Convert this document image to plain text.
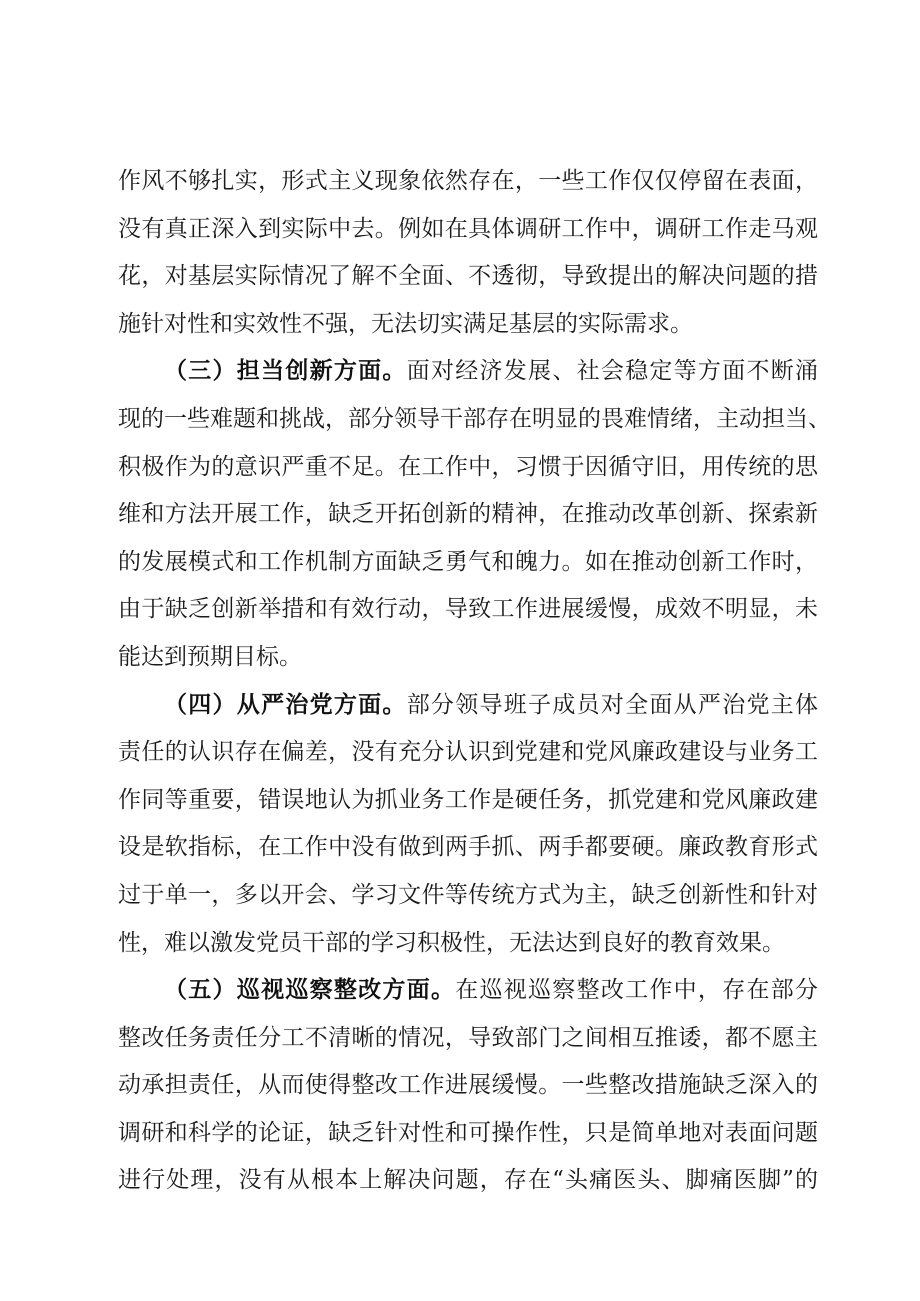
作风不够扎实，形式主义现象依然存在，一些工作仅仅停留在表面，
没有真正深入到实际中去。例如在具体调研工作中，调研工作走马观
花，对基层实际情况了解不全面、不透彻，导致提出的解决问题的措
施针对性和实效性不强，无法切实满足基层的实际需求。
（三）担当创新方面。面对经济发展、社会稳定等方面不断涌
现的一些难题和挑战，部分领导干部存在明显的畏难情绪，主动担当、
积极作为的意识严重不足。在工作中，习惯于因循守旧，用传统的思
维和方法开展工作，缺乏开拓创新的精神，在推动改革创新、探索新
的发展模式和工作机制方面缺乏勇气和魄力。如在推动创新工作时，
由于缺乏创新举措和有效行动，导致工作进展缓慢，成效不明显，未
能达到预期目标。
（四）从严治党方面。部分领导班子成员对全面从严治党主体
责任的认识存在偏差，没有充分认识到党建和党风廉政建设与业务工
作同等重要，错误地认为抓业务工作是硬任务，抓党建和党风廉政建
设是软指标，在工作中没有做到两手抓、两手都要硬。廉政教育形式
过于单一，多以开会、学习文件等传统方式为主，缺乏创新性和针对
性，难以激发党员干部的学习积极性，无法达到良好的教育效果。
（五）巡视巡察整改方面。在巡视巡察整改工作中，存在部分
整改任务责任分工不清晰的情况，导致部门之间相互推诿，都不愿主
动承担责任，从而使得整改工作进展缓慢。一些整改措施缺乏深入的
调研和科学的论证，缺乏针对性和可操作性，只是简单地对表面问题
进行处理，没有从根本上解决问题，存在“头痛医头、脚痛医脚”的
